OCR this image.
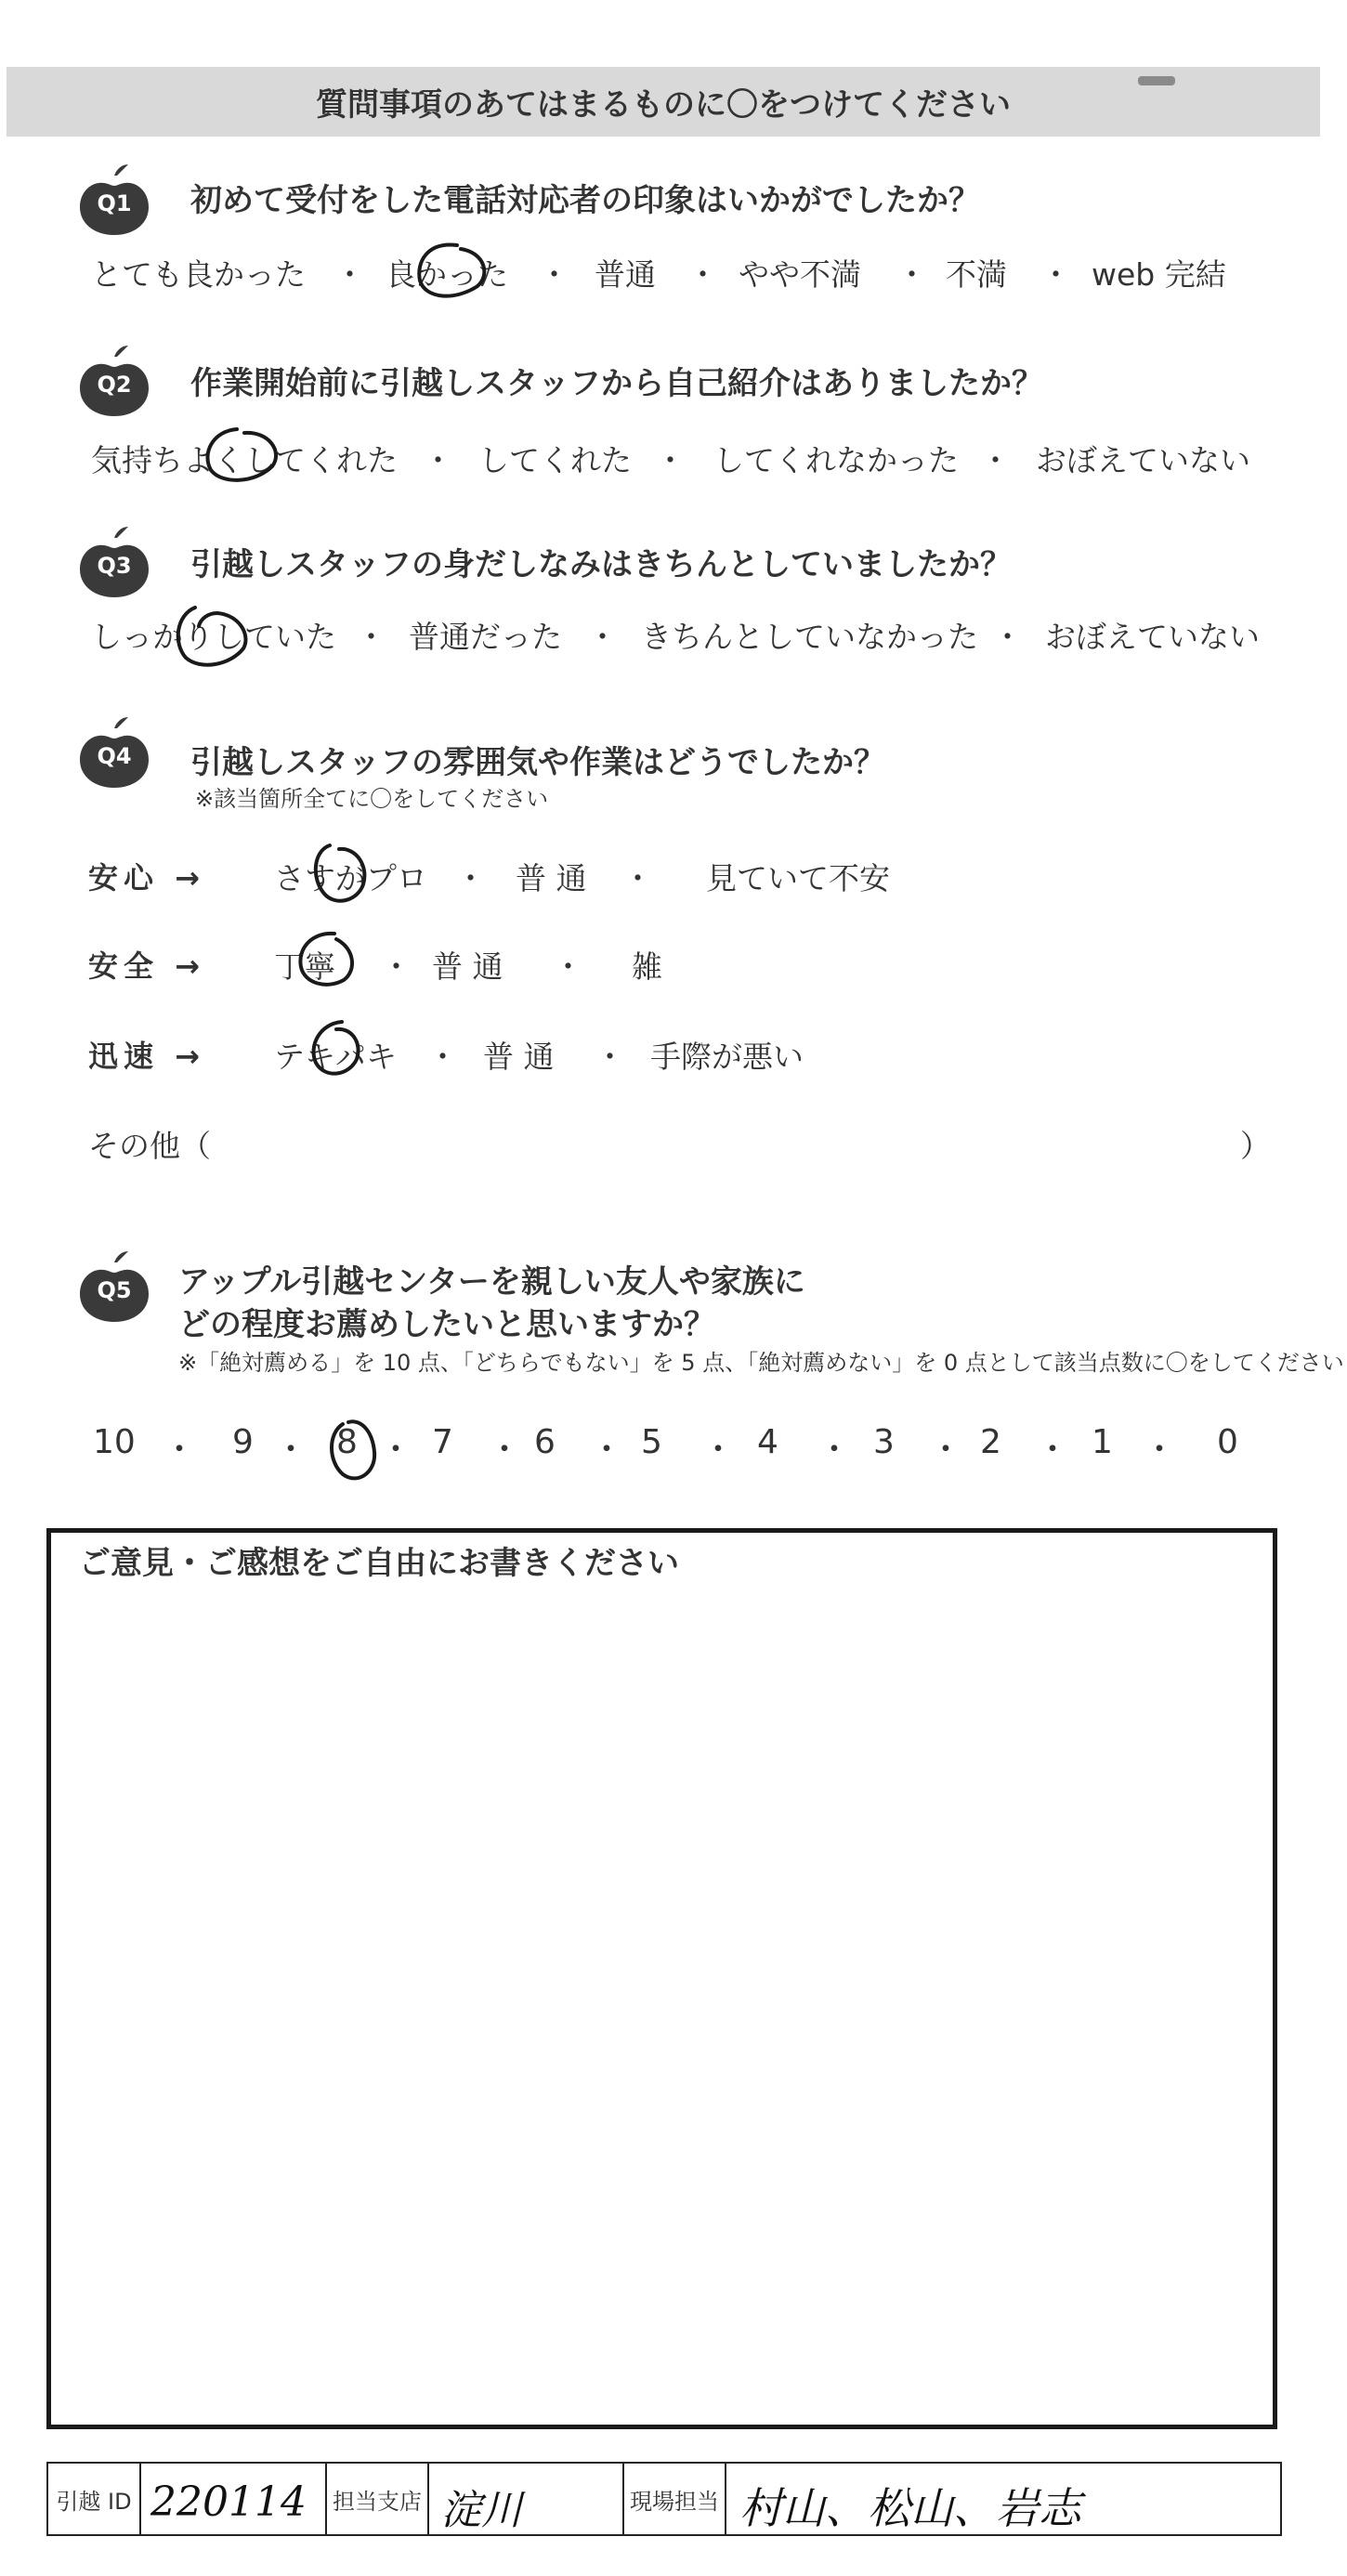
質問事項のあてはまるものに〇をつけてください
Q1	初めて受付をした電話対応者の印象はいかがでしたか？
とても良かった ・ 良かった ・ 普通 ・ やや不満 ・ 不満 ・ web 完結
Q2	作業開始前に引越しスタッフから自己紹介はありましたか？
気持ちよくしてくれた ・ してくれた ・ してくれなかった ・ おぼえていない
Q3	引越しスタッフの身だしなみはきちんとしていましたか？
しっかりしていた ・ 普通だった ・ きちんとしていなかった ・ おぼえていない
Q4	引越しスタッフの雰囲気や作業はどうでしたか？
※該当箇所全てに〇をしてください
安心 → さすがプロ ・ 普 通 ・ 見ていて不安
安全 → 丁寧 ・ 普 通 ・ 雑
迅速 → テキパキ ・ 普 通 ・ 手際が悪い
その他（	）
Q5	アップル引越センターを親しい友人や家族に
どの程度お薦めしたいと思いますか？
※「絶対薦める」を 10 点、「どちらでもない」を 5 点、「絶対薦めない」を 0 点として該当点数に〇をしてください
10 ・ 9 ・ 8 ・ 7 ・ 6 ・ 5 ・ 4 ・ 3 ・ 2 ・ 1 ・ 0
ご意見・ご感想をご自由にお書きください
引越 ID 220114 担当支店 淀川	現場担当 村山、松山、岩志
